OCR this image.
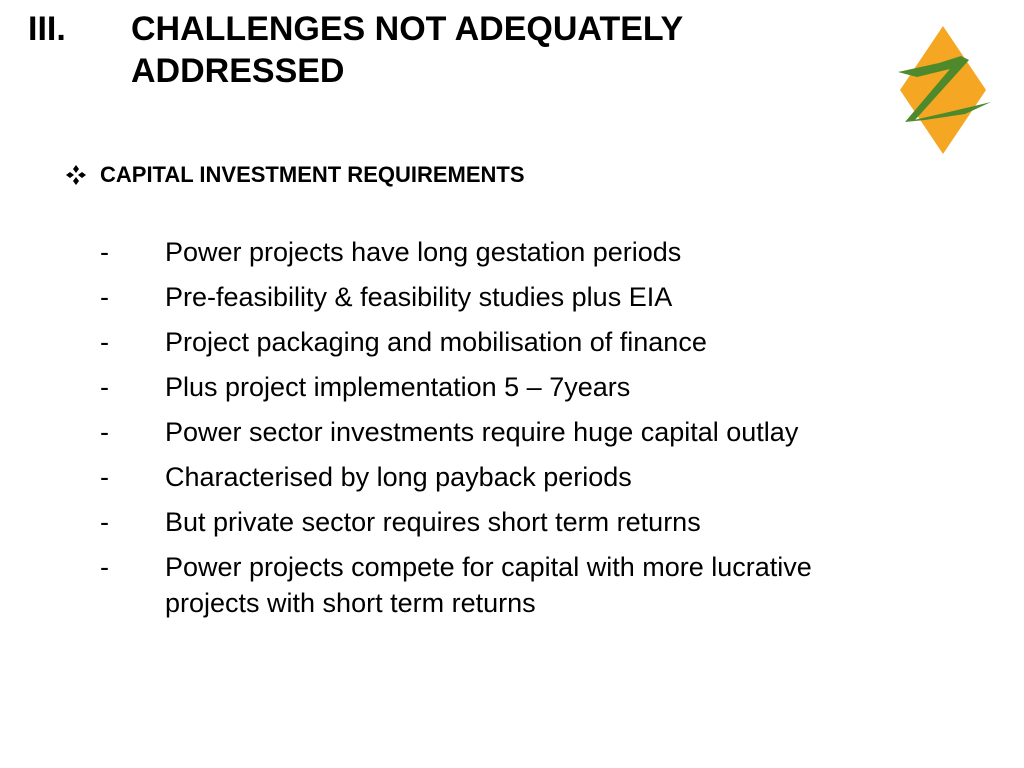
III.	CHALLENGES NOT ADEQUATELY
ADDRESSED
CAPITAL INVESTMENT REQUIREMENTS
-	Power projects have long gestation periods
-	Pre-feasibility & feasibility studies plus EIA
-	Project packaging and mobilisation of finance
-	Plus project implementation 5 – 7years
-	Power sector investments require huge capital outlay
-	Characterised by long payback periods
-	But private sector requires short term returns
-	Power projects compete for capital with more lucrative projects with short term returns
